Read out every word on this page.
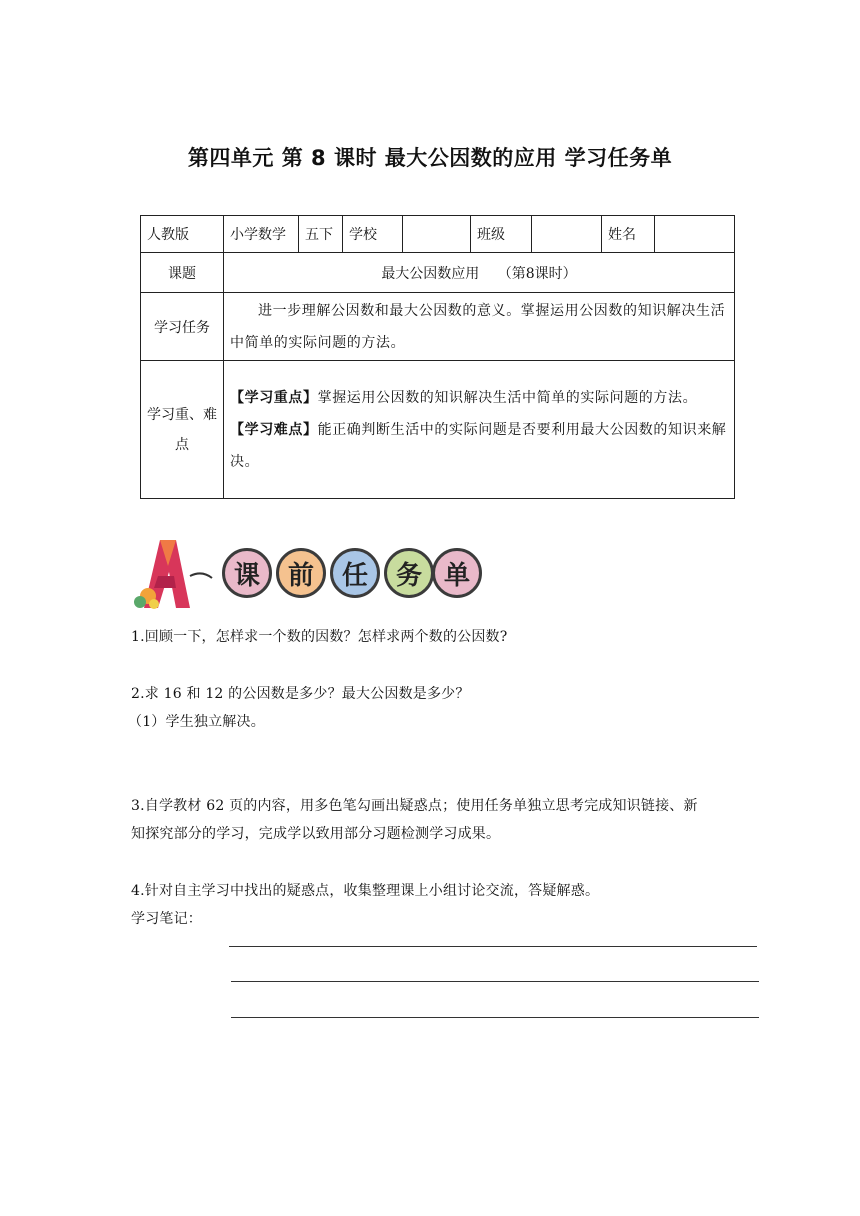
第四单元 第 8 课时 最大公因数的应用 学习任务单
人教版	小学数学	五下	学校		班级		姓名	
课题	最大公因数应用　 （第8课时）							
学习任务	进一步理解公因数和最大公因数的意义。掌握运用公因数的知识解决生活中简单的实际问题的方法。							

学习重、难点	【学习重点】掌握运用公因数的知识解决生活中简单的实际问题的方法。
【学习难点】能正确判断生活中的实际问题是否要利用最大公因数的知识来解决。							
A
课	前	任	务 单
1.回顾一下，怎样求一个数的因数？怎样求两个数的公因数?
2.求 16 和 12 的公因数是多少？最大公因数是多少？
（1）学生独立解决。
3.自学教材 62 页的内容，用多色笔勾画出疑惑点；使用任务单独立思考完成知识链接、新
知探究部分的学习，完成学以致用部分习题检测学习成果。
4.针对自主学习中找出的疑惑点，收集整理课上小组讨论交流，答疑解惑。
学习笔记：
